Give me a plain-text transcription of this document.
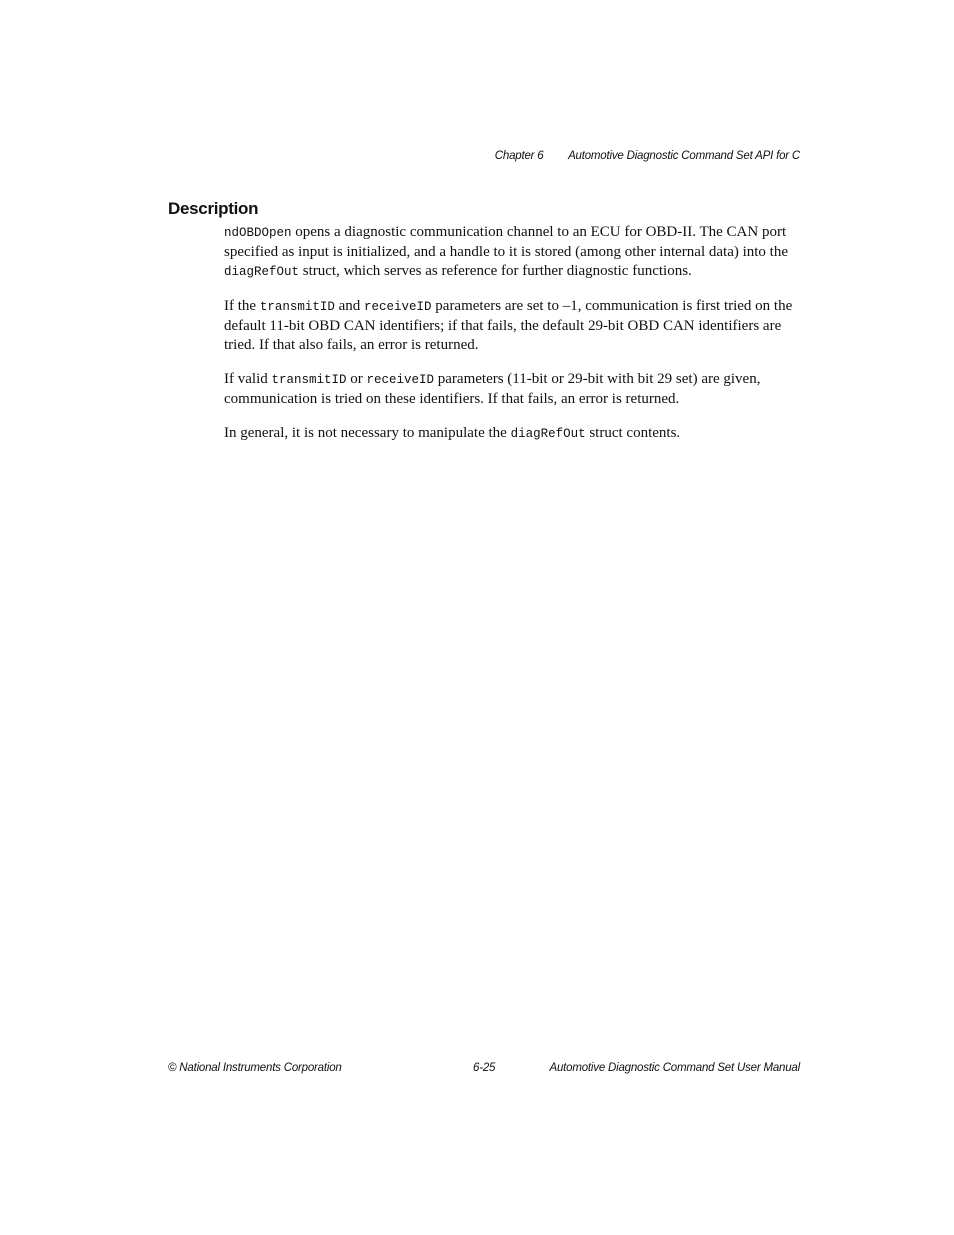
Chapter 6 Automotive Diagnostic Command Set API for C
Description

ndOBDOpen opens a diagnostic communication channel to an ECU for OBD-II. The CAN port specified as input is initialized, and a handle to it is stored (among other internal data) into the diagRefOut struct, which serves as reference for further diagnostic functions.

If the transmitID and receiveID parameters are set to –1, communication is first tried on the default 11-bit OBD CAN identifiers; if that fails, the default 29-bit OBD CAN identifiers are tried. If that also fails, an error is returned.

If valid transmitID or receiveID parameters (11-bit or 29-bit with bit 29 set) are given, communication is tried on these identifiers. If that fails, an error is returned.

In general, it is not necessary to manipulate the diagRefOut struct contents.

© National Instruments Corporation	6-25	Automotive Diagnostic Command Set User Manual
